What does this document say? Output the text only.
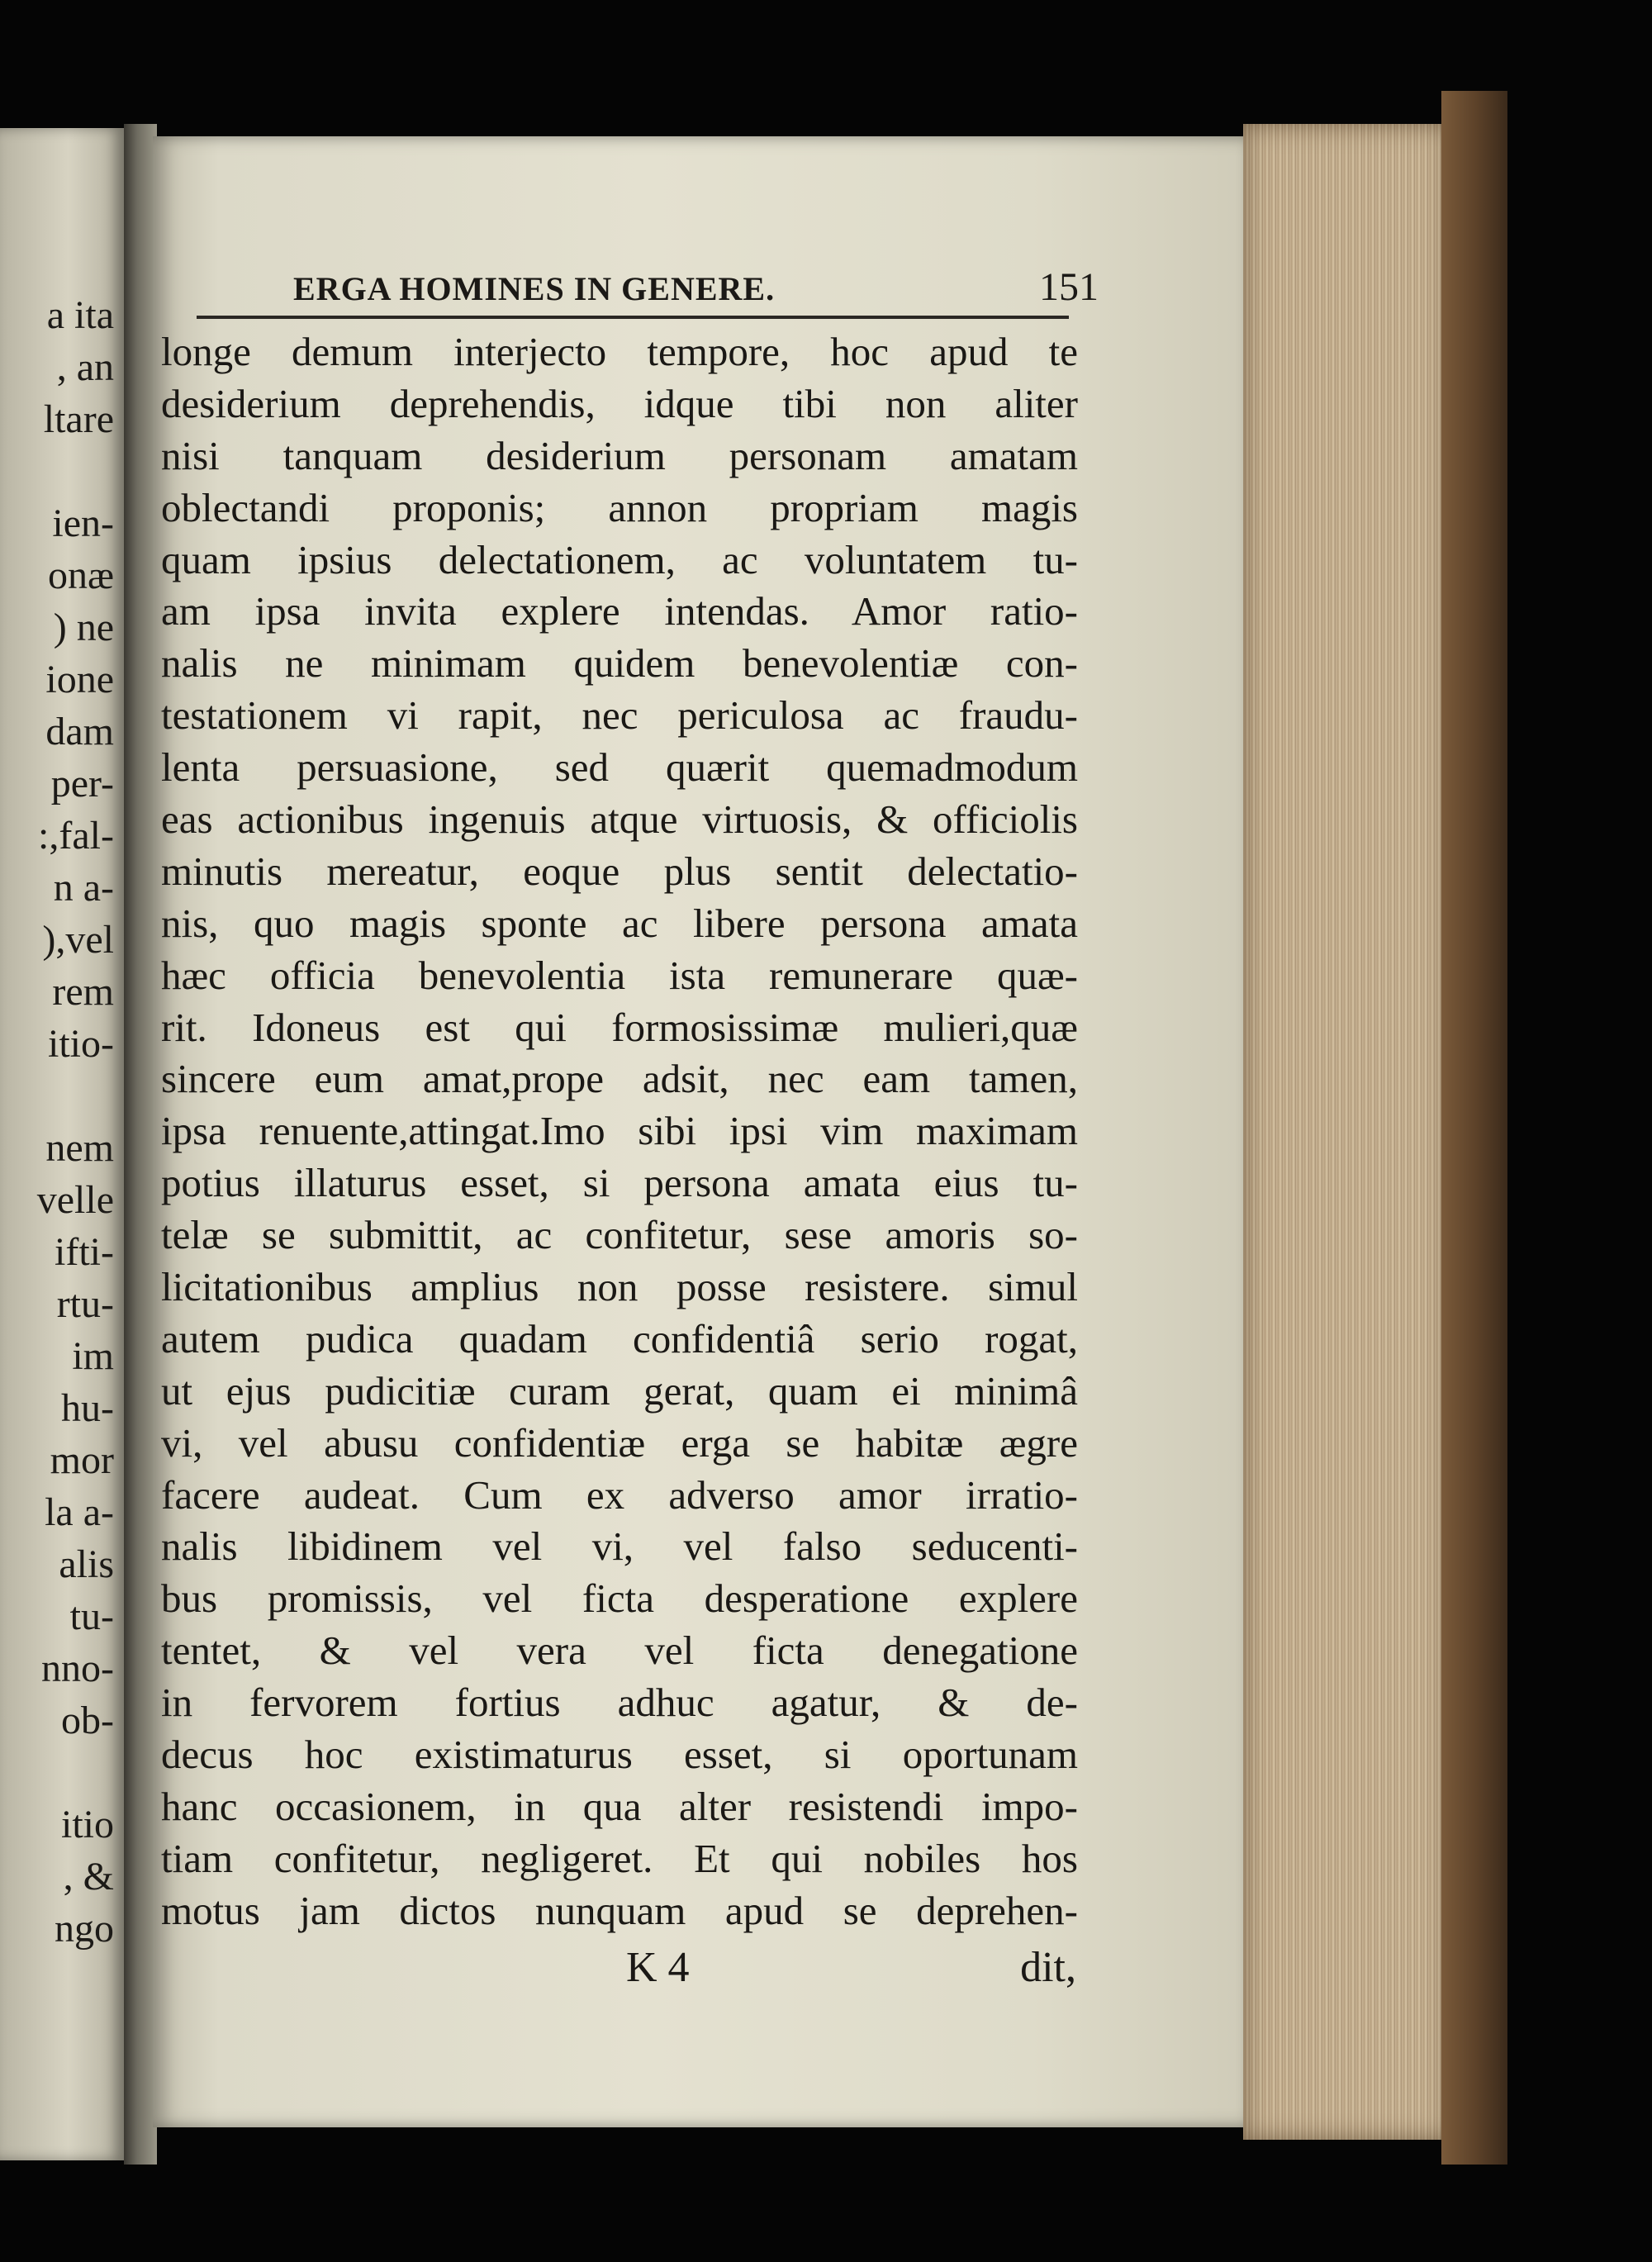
a ita
, an
ltare
ien-
onæ
) ne
ione
dam
per-
:,fal-
n a-
),vel
rem
itio-
nem
velle
ifti-
rtu-
im
hu-
mor
la a-
alis
tu-
nno-
ob-
itio
, &
ngo
ERGA HOMINES IN GENERE.	151
longe demum interjecto tempore, hoc apud te
desiderium deprehendis, idque tibi non aliter
nisi tanquam desiderium personam amatam
oblectandi proponis; annon propriam magis
quam ipsius delectationem, ac voluntatem tu-
am ipsa invita explere intendas. Amor ratio-
nalis ne minimam quidem benevolentiæ con-
testationem vi rapit, nec periculosa ac fraudu-
lenta persuasione, sed quærit quemadmodum
eas actionibus ingenuis atque virtuosis, & officiolis
minutis mereatur, eoque plus sentit delectatio-
nis, quo magis sponte ac libere persona amata
hæc officia benevolentia ista remunerare quæ-
rit. Idoneus est qui formosissimæ mulieri,quæ
sincere eum amat,prope adsit, nec eam tamen,
ipsa renuente,attingat.Imo sibi ipsi vim maximam
potius illaturus esset, si persona amata eius tu-
telæ se submittit, ac confitetur, sese amoris so-
licitationibus amplius non posse resistere. simul
autem pudica quadam confidentiâ serio rogat,
ut ejus pudicitiæ curam gerat, quam ei minimâ
vi, vel abusu confidentiæ erga se habitæ ægre
facere audeat. Cum ex adverso amor irratio-
nalis libidinem vel vi, vel falso seducenti-
bus promissis, vel ficta desperatione explere
tentet, & vel vera vel ficta denegatione
in fervorem fortius adhuc agatur, & de-
decus hoc existimaturus esset, si oportunam
hanc occasionem, in qua alter resistendi impo-
tiam confitetur, negligeret. Et qui nobiles hos
motus jam dictos nunquam apud se deprehen-
K 4	dit,
